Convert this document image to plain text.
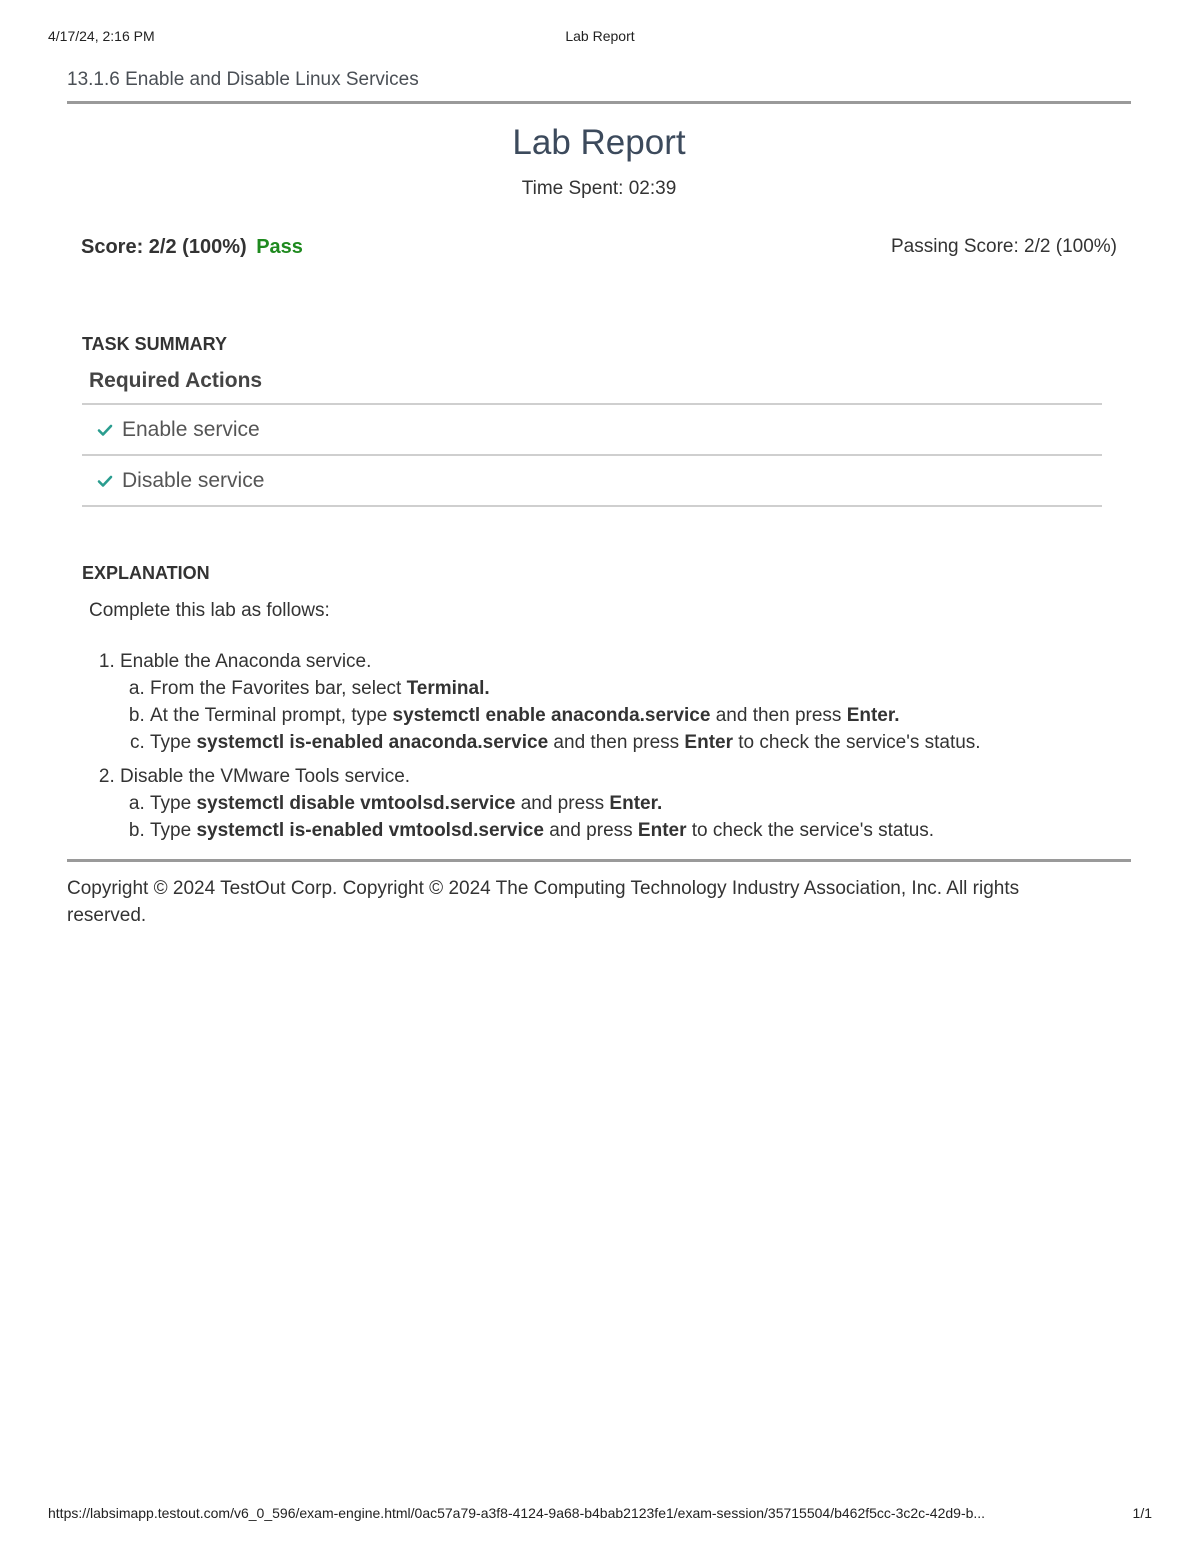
4/17/24, 2:16 PM	Lab Report
13.1.6 Enable and Disable Linux Services
Lab Report
Time Spent: 02:39
Score: 2/2 (100%) Pass	Passing Score: 2/2 (100%)
TASK SUMMARY
Required Actions
Enable service
Disable service
EXPLANATION
Complete this lab as follows:
1. Enable the Anaconda service.
a. From the Favorites bar, select Terminal.
b. At the Terminal prompt, type systemctl enable anaconda.service and then press Enter.
c. Type systemctl is-enabled anaconda.service and then press Enter to check the service's status.
2. Disable the VMware Tools service.
a. Type systemctl disable vmtoolsd.service and press Enter.
b. Type systemctl is-enabled vmtoolsd.service and press Enter to check the service's status.
Copyright © 2024 TestOut Corp. Copyright © 2024 The Computing Technology Industry Association, Inc. All rights reserved.
https://labsimapp.testout.com/v6_0_596/exam-engine.html/0ac57a79-a3f8-4124-9a68-b4bab2123fe1/exam-session/35715504/b462f5cc-3c2c-42d9-b...	1/1
